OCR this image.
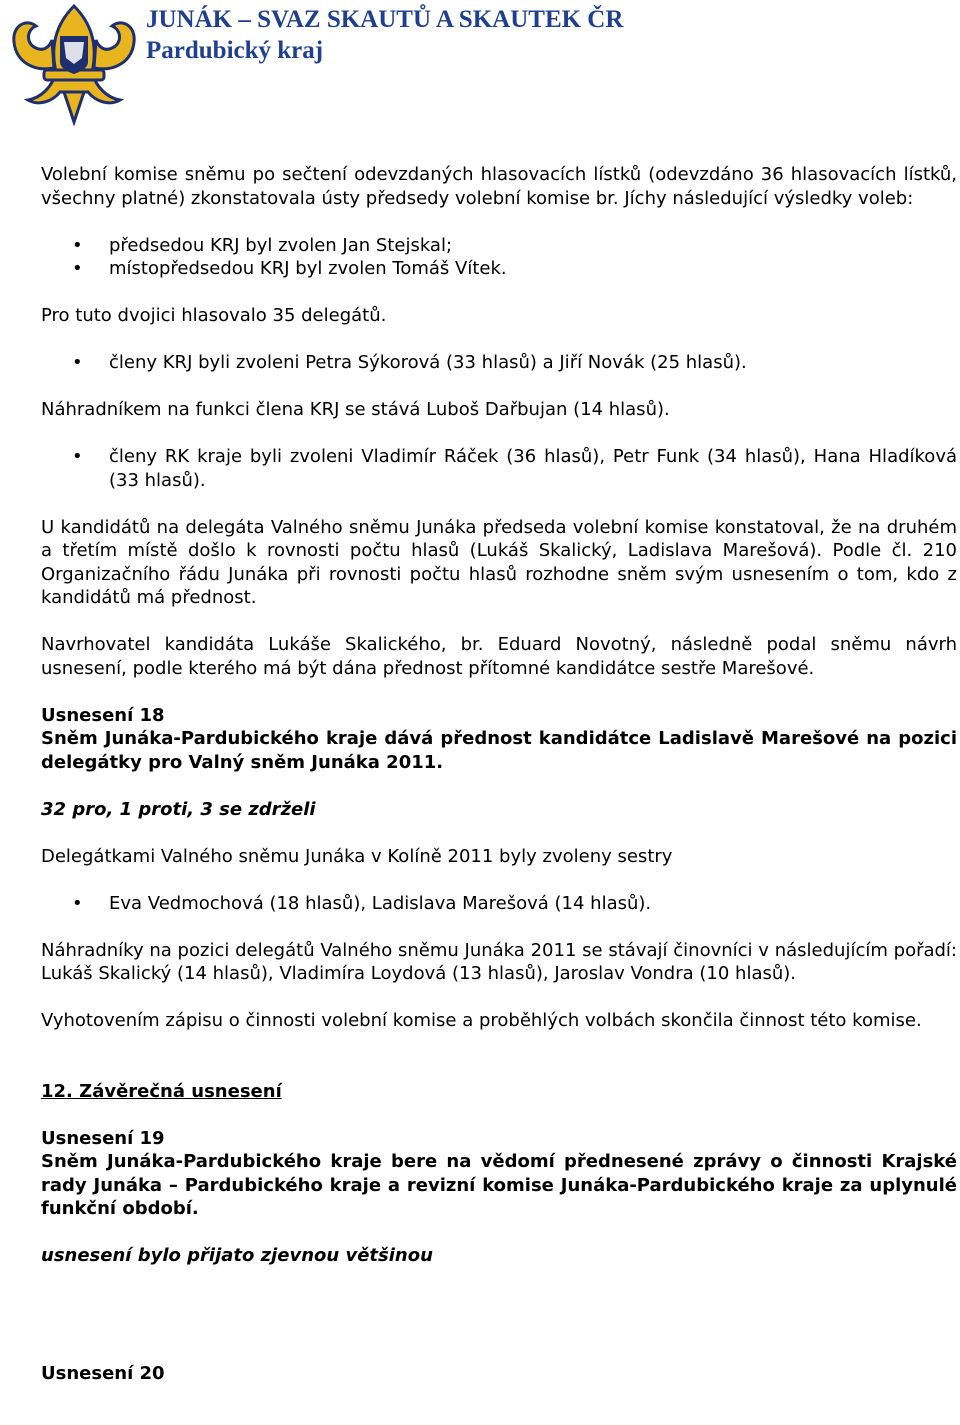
JUNÁK – SVAZ SKAUTŮ A SKAUTEK ČR
Pardubický kraj

Volební komise sněmu po sečtení odevzdaných hlasovacích lístků (odevzdáno 36 hlasovacích lístků, všechny platné) zkonstatovala ústy předsedy volební komise br. Jíchy následující výsledky voleb:

• předsedou KRJ byl zvolen Jan Stejskal;
• místopředsedou KRJ byl zvolen Tomáš Vítek.

Pro tuto dvojici hlasovalo 35 delegátů.

• členy KRJ byli zvoleni Petra Sýkorová (33 hlasů) a Jiří Novák (25 hlasů).

Náhradníkem na funkci člena KRJ se stává Luboš Dařbujan (14 hlasů).

• členy RK kraje byli zvoleni Vladimír Ráček (36 hlasů), Petr Funk (34 hlasů), Hana Hladíková (33 hlasů).

U kandidátů na delegáta Valného sněmu Junáka předseda volební komise konstatoval, že na druhém a třetím místě došlo k rovnosti počtu hlasů (Lukáš Skalický, Ladislava Marešová). Podle čl. 210 Organizačního řádu Junáka při rovnosti počtu hlasů rozhodne sněm svým usnesením o tom, kdo z kandidátů má přednost.

Navrhovatel kandidáta Lukáše Skalického, br. Eduard Novotný, následně podal sněmu návrh usnesení, podle kterého má být dána přednost přítomné kandidátce sestře Marešové.

Usnesení 18

Sněm Junáka-Pardubického kraje dává přednost kandidátce Ladislavě Marešové na pozici delegátky pro Valný sněm Junáka 2011.

32 pro, 1 proti, 3 se zdrželi

Delegátkami Valného sněmu Junáka v Kolíně 2011 byly zvoleny sestry

• Eva Vedmochová (18 hlasů), Ladislava Marešová (14 hlasů).

Náhradníky na pozici delegátů Valného sněmu Junáka 2011 se stávají činovníci v následujícím pořadí: Lukáš Skalický (14 hlasů), Vladimíra Loydová (13 hlasů), Jaroslav Vondra (10 hlasů).

Vyhotovením zápisu o činnosti volební komise a proběhlých volbách skončila činnost této komise.

12. Závěrečná usnesení

Usnesení 19

Sněm Junáka-Pardubického kraje bere na vědomí přednesené zprávy o činnosti Krajské rady Junáka – Pardubického kraje a revizní komise Junáka-Pardubického kraje za uplynulé funkční období.

usnesení bylo přijato zjevnou většinou

Usnesení 20
